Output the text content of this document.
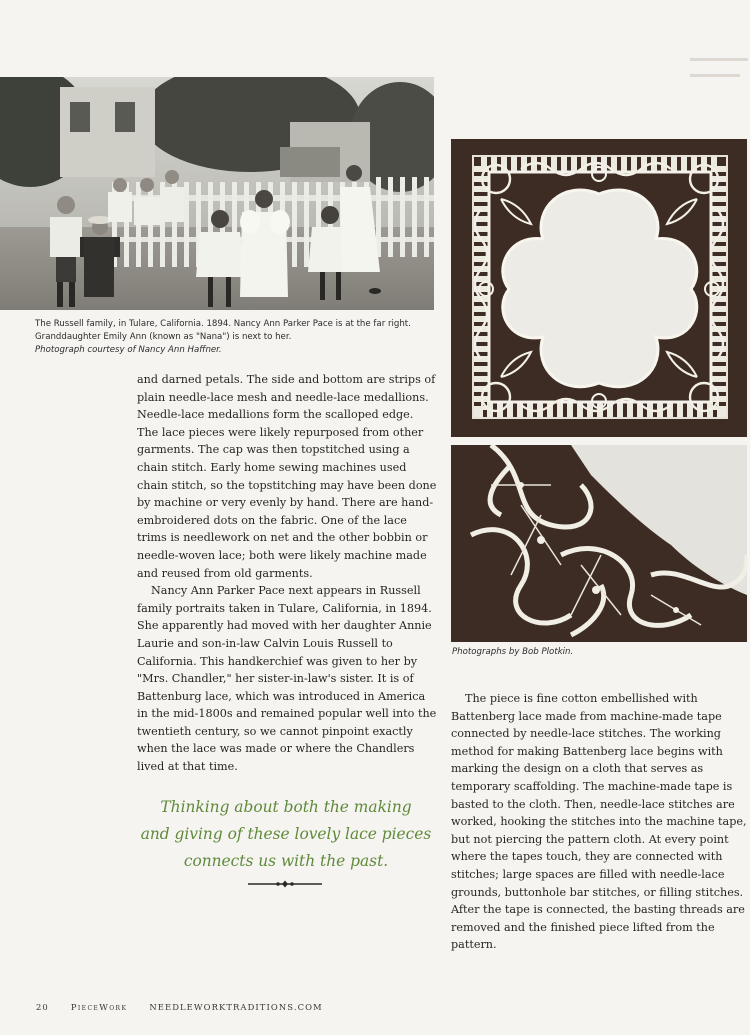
The Russell family, in Tulare, California. 1894. Nancy Ann Parker Pace is at the far right.
Granddaughter Emily Ann (known as "Nana") is next to her.
Photograph courtesy of Nancy Ann Haffner.

and darned petals. The side and bottom are strips of plain needle-lace mesh and needle-lace medallions. Needle-lace medallions form the scalloped edge. The lace pieces were likely repurposed from other garments. The cap was then topstitched using a chain stitch. Early home sewing machines used chain stitch, so the topstitching may have been done by machine or very evenly by hand. There are hand-embroidered dots on the fabric. One of the lace trims is needlework on net and the other bobbin or needle-woven lace; both were likely machine made and reused from old garments.

Nancy Ann Parker Pace next appears in Russell family portraits taken in Tulare, California, in 1894. She apparently had moved with her daughter Annie Laurie and son-in-law Calvin Louis Russell to California. This handkerchief was given to her by "Mrs. Chandler," her sister-in-law's sister. It is of Battenburg lace, which was introduced in America in the mid-1800s and remained popular well into the twentieth century, so we cannot pinpoint exactly when the lace was made or where the Chandlers lived at that time.

Thinking about both the making
and giving of these lovely lace pieces
connects us with the past.
Photographs by Bob Plotkin.

The piece is fine cotton embellished with Battenberg lace made from machine-made tape connected by needle-lace stitches. The working method for making Battenberg lace begins with marking the design on a cloth that serves as temporary scaffolding. The machine-made tape is basted to the cloth. Then, needle-lace stitches are worked, hooking the stitches into the machine tape, but not piercing the pattern cloth. At every point where the tapes touch, they are connected with stitches; large spaces are filled with needle-lace grounds, buttonhole bar stitches, or filling stitches. After the tape is connected, the basting threads are removed and the finished piece lifted from the pattern.

20	PieceWork	NEEDLEWORKTRADITIONS.COM
